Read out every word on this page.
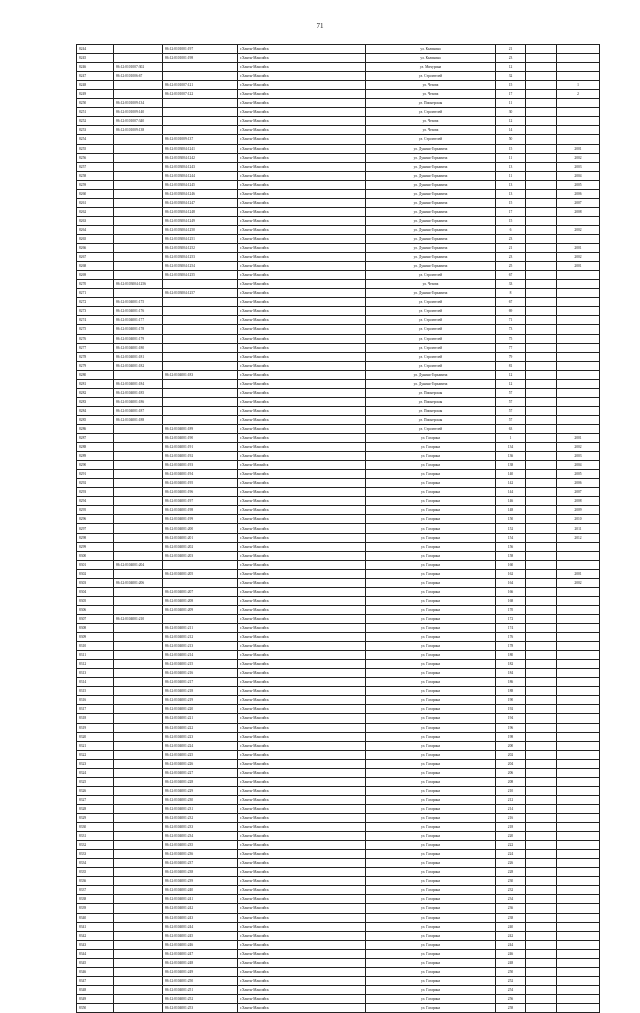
71
8244		86:12:0101001:197	г.Ханты-Мансийск	ул. Калинина	21		
8245		86:12:0101001:198	г.Ханты-Мансийск	ул. Калинина	23		
8246	86:12:0101007:302		г.Ханты-Мансийск	ул. Мичурина	12		
8247	86:12:0101006:67		г.Ханты-Мансийск	ул. Строителей	32		
8248		86:12:0101007:121	г.Ханты-Мансийск	ул. Чехова	15		1
8249		86:12:0101007:122	г.Ханты-Мансийск	ул. Чехова	17		2
8250	86:12:0101009:134		г.Ханты-Мансийск	ул. Пионерская	11		
8251	86:12:0101009:140		г.Ханты-Мансийск	ул. Строителей	30		
8252	86:12:0101007:340		г.Ханты-Мансийск	ул. Чехова	12		
8253	86:12:0101009:138		г.Ханты-Мансийск	ул. Чехова	14		
8254		86:12:0101009:137	г.Ханты-Мансийск	ул. Строителей	50		
8255		86:12:0103004:1241	г.Ханты-Мансийск	ул. Дунина-Горкавича	15		2001
8256		86:12:0103004:1242	г.Ханты-Мансийск	ул. Дунина-Горкавича	11		2002
8257		86:12:0103004:1243	г.Ханты-Мансийск	ул. Дунина-Горкавича	13		2003
8258		86:12:0103004:1244	г.Ханты-Мансийск	ул. Дунина-Горкавича	11		2004
8259		86:12:0103004:1245	г.Ханты-Мансийск	ул. Дунина-Горкавича	13		2005
8260		86:12:0103004:1246	г.Ханты-Мансийск	ул. Дунина-Горкавича	13		2006
8261		86:12:0103004:1247	г.Ханты-Мансийск	ул. Дунина-Горкавича	15		2007
8262		86:12:0103004:1248	г.Ханты-Мансийск	ул. Дунина-Горкавича	17		2008
8263		86:12:0103004:1249	г.Ханты-Мансийск	ул. Дунина-Горкавича	15		
8264		86:12:0103004:1250	г.Ханты-Мансийск	ул. Дунина-Горкавича	6		2002
8265		86:12:0103004:1251	г.Ханты-Мансийск	ул. Дунина-Горкавича	23		
8266		86:12:0103004:1252	г.Ханты-Мансийск	ул. Дунина-Горкавича	21		2001
8267		86:12:0103004:1253	г.Ханты-Мансийск	ул. Дунина-Горкавича	23		2002
8268		86:12:0103004:1254	г.Ханты-Мансийск	ул. Дунина-Горкавича	25		2001
8269		86:12:0103004:1255	г.Ханты-Мансийск	ул. Строителей	67		
8270	86:12:0103004:1256		г.Ханты-Мансийск	ул. Чехова	33		
8271		86:12:0103004:1257	г.Ханты-Мансийск	ул. Дунина-Горкавича	8		
8272	86:12:0104001:175		г.Ханты-Мансийск	ул. Строителей	67		
8273	86:12:0104001:176		г.Ханты-Мансийск	ул. Строителей	69		
8274	86:12:0104001:177		г.Ханты-Мансийск	ул. Строителей	71		
8275	86:12:0104001:178		г.Ханты-Мансийск	ул. Строителей	73		
8276	86:12:0104001:179		г.Ханты-Мансийск	ул. Строителей	75		
8277	86:12:0104001:180		г.Ханты-Мансийск	ул. Строителей	77		
8278	86:12:0104001:181		г.Ханты-Мансийск	ул. Строителей	79		
8279	86:12:0104001:182		г.Ханты-Мансийск	ул. Строителей	81		
8280		86:12:0104001:183	г.Ханты-Мансийск	ул. Дунина-Горкавича	12		
8281	86:12:0104001:184		г.Ханты-Мансийск	ул. Дунина-Горкавича	12		
8282	86:12:0104001:185		г.Ханты-Мансийск	ул. Пионерская	57		
8283	86:12:0104001:186		г.Ханты-Мансийск	ул. Пионерская	57		
8284	86:12:0104001:187		г.Ханты-Мансийск	ул. Пионерская	57		
8285	86:12:0104001:188		г.Ханты-Мансийск	ул. Пионерская	57		
8286		86:12:0104001:189	г.Ханты-Мансийск	ул. Строителей	63		
8287		86:12:0104001:190	г.Ханты-Мансийск	ул. Гагарина	1		2001
8288		86:12:0104001:191	г.Ханты-Мансийск	ул. Гагарина	134		2002
8289		86:12:0104001:192	г.Ханты-Мансийск	ул. Гагарина	136		2003
8290		86:12:0104001:193	г.Ханты-Мansийск	ул. Гагарина	138		2004
8291		86:12:0104001:194	г.Ханты-Мансийск	ул. Гагарина	140		2005
8292		86:12:0104001:195	г.Ханты-Мансийск	ул. Гагарина	142		2006
8293		86:12:0104001:196	г.Ханты-Мансийск	ул. Гагарина	144		2007
8294		86:12:0104001:197	г.Ханты-Мансийск	ул. Гагарина	146		2008
8295		86:12:0104001:198	г.Ханты-Мансийск	ул. Гагарина	148		2009
8296		86:12:0104001:199	г.Ханты-Мансийск	ул. Гагарина	150		2010
8297		86:12:0104001:200	г.Ханты-Мансийск	ул. Гагарина	152		2011
8298		86:12:0104001:201	г.Ханты-Мансийск	ул. Гагарина	154		2012
8299		86:12:0104001:202	г.Ханты-Мансийск	ул. Гагарина	156		
8300		86:12:0104001:203	г.Ханты-Мансийск	ул. Гагарина	158		
8301	86:12:0104001:204		г.Ханты-Мансийск	ул. Гагарина	160		
8302		86:12:0104001:205	г.Ханты-Мансийск	ул. Гагарина	162		2001
8303	86:12:0104001:206		г.Ханты-Мансийск	ул. Гагарина	164		2002
8304		86:12:0104001:207	г.Ханты-Мансийск	ул. Гагарина	166		
8305		86:12:0104001:208	г.Ханты-Мансийск	ул. Гагарина	168		
8306		86:12:0104001:209	г.Ханты-Мансийск	ул. Гагарина	170		
8307	86:12:0104001:210		г.Ханты-Мансийск	ул. Гагарина	172		
8308		86:12:0104001:211	г.Ханты-Мансийск	ул. Гагарина	174		
8309		86:12:0104001:212	г.Ханты-Мансийск	ул. Гагарина	176		
8310		86:12:0104001:213	г.Ханты-Мансийск	ул. Гагарина	178		
8311		86:12:0104001:214	г.Ханты-Мансийск	ул. Гагарина	180		
8312		86:12:0104001:215	г.Ханты-Мансийск	ул. Гагарина	182		
8313		86:12:0104001:216	г.Ханты-Мансийск	ул. Гагарина	184		
8314		86:12:0104001:217	г.Ханты-Мансийск	ул. Гагарина	186		
8315		86:12:0104001:218	г.Ханты-Мансийск	ул. Гагарина	188		
8316		86:12:0104001:219	г.Ханты-Мансийск	ул. Гагарина	190		
8317		86:12:0104001:220	г.Ханты-Мансийск	ул. Гагарина	192		
8318		86:12:0104001:221	г.Ханты-Мансийск	ул. Гагарина	194		
8319		86:12:0104001:222	г.Ханты-Мансийск	ул. Гагарина	196		
8320		86:12:0104001:223	г.Ханты-Мансийск	ул. Гагарина	198		
8321		86:12:0104001:224	г.Ханты-Мансийск	ул. Гагарина	200		
8322		86:12:0104001:225	г.Ханты-Мансийск	ул. Гагарина	202		
8323		86:12:0104001:226	г.Ханты-Мансийск	ул. Гагарина	204		
8324		86:12:0104001:227	г.Ханты-Мансийск	ул. Гагарина	206		
8325		86:12:0104001:228	г.Ханты-Мансийск	ул. Гагарина	208		
8326		86:12:0104001:229	г.Ханты-Мансийск	ул. Гагарина	210		
8327		86:12:0104001:230	г.Ханты-Мансийск	ул. Гагарина	212		
8328		86:12:0104001:231	г.Ханты-Мансийск	ул. Гагарина	214		
8329		86:12:0104001:232	г.Ханты-Мансийск	ул. Гагарина	216		
8330		86:12:0104001:233	г.Ханты-Мансийск	ул. Гагарина	218		
8331		86:12:0104001:234	г.Ханты-Мансийск	ул. Гагарина	220		
8332		86:12:0104001:235	г.Ханты-Мансийск	ул. Гагарина	222		
8333		86:12:0104001:236	г.Ханты-Мансийск	ул. Гагарина	224		
8334		86:12:0104001:237	г.Ханты-Мансийск	ул. Гагарина	226		
8335		86:12:0104001:238	г.Ханты-Мансийск	ул. Гагарина	228		
8336		86:12:0104001:239	г.Ханты-Мансийск	ул. Гагарина	230		
8337		86:12:0104001:240	г.Ханты-Мансийск	ул. Гагарина	232		
8338		86:12:0104001:241	г.Ханты-Мансийск	ул. Гагарина	234		
8339		86:12:0104001:242	г.Ханты-Мансийск	ул. Гагарина	236		
8340		86:12:0104001:243	г.Ханты-Мансийск	ул. Гагарина	238		
8341		86:12:0104001:244	г.Ханты-Мансийск	ул. Гагарина	240		
8342		86:12:0104001:245	г.Ханты-Мансийск	ул. Гагарина	242		
8343		86:12:0104001:246	г.Ханты-Мансийск	ул. Гагарина	244		
8344		86:12:0104001:247	г.Ханты-Мансийск	ул. Гагарина	246		
8345		86:12:0104001:248	г.Ханты-Мансийск	ул. Гагарина	248		
8346		86:12:0104001:249	г.Ханты-Мансийск	ул. Гагарина	250		
8347		86:12:0104001:250	г.Ханты-Мансийск	ул. Гагарина	252		
8348		86:12:0104001:251	г.Ханты-Мансийск	ул. Гагарина	254		
8349		86:12:0104001:252	г.Ханты-Мансийск	ул. Гагарина	256		
8350		86:12:0104001:253	г.Ханты-Мансийск	ул. Гагарина	258		
